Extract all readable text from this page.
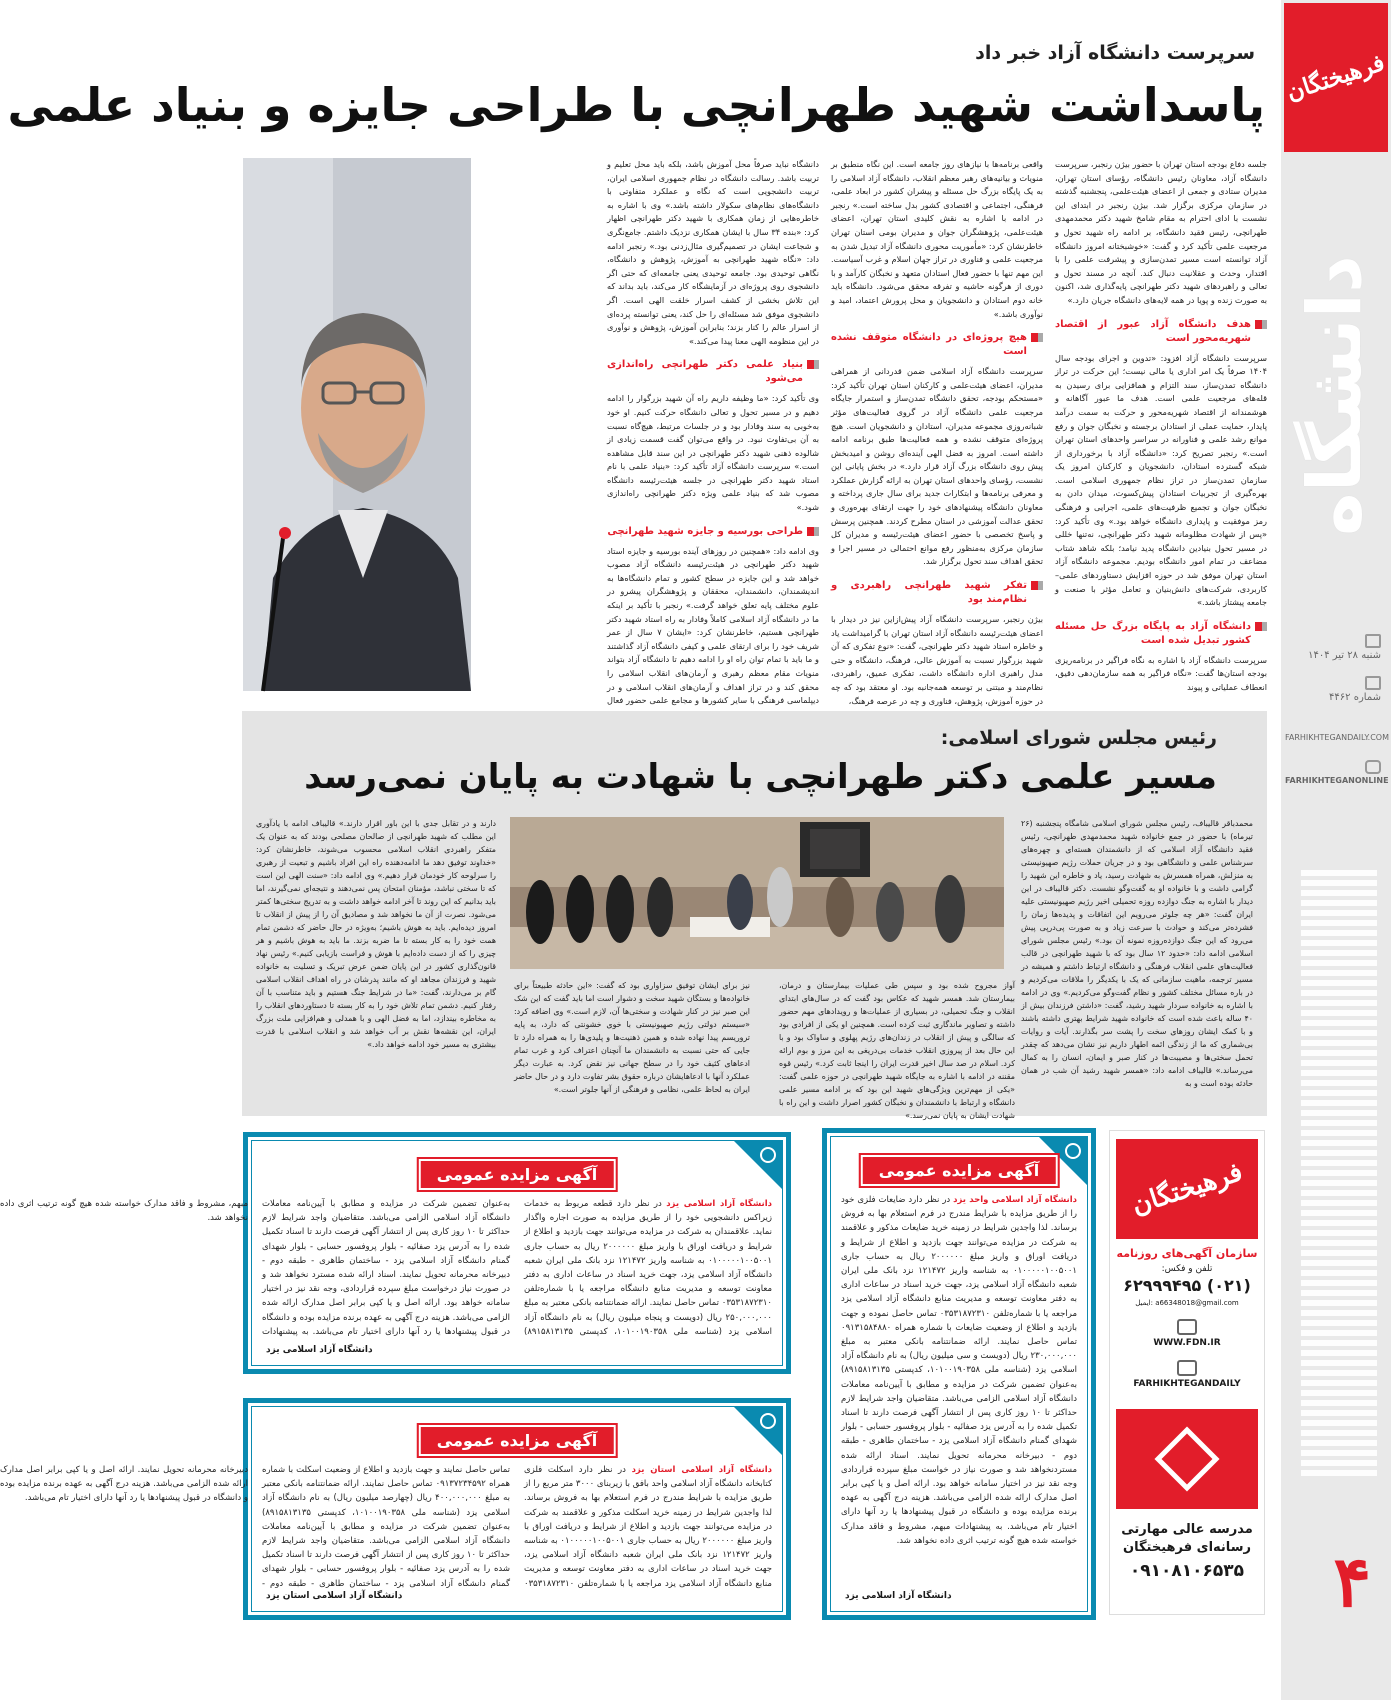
فرهیختگان
دانشگاه
شنبه ۲۸ تیر ۱۴۰۴
شماره ۴۴۶۲
FARHIKHTEGANDAILY.COM
FARHIKHTEGANONLINE
۴
سرپرست دانشگاه آزاد خبر داد
پاسداشت شهید طهرانچی با طراحی جایزه و بنیاد علمی

جلسه دفاع بودجه استان تهران با حضور بیژن رنجبر، سرپرست دانشگاه آزاد، معاونان رئیس دانشگاه، رؤسای استان تهران، مدیران ستادی و جمعی از اعضای هیئت‌علمی، پنجشنبه گذشته در سازمان مرکزی برگزار شد. بیژن رنجبر در ابتدای این نشست با ادای احترام به مقام شامخ شهید دکتر محمدمهدی طهرانچی، رئیس فقید دانشگاه، بر ادامه راه شهید تحول و مرجعیت علمی تأکید کرد و گفت: «خوشبختانه امروز دانشگاه آزاد توانسته است مسیر تمدن‌سازی و پیشرفت علمی را با اقتدار، وحدت و عقلانیت دنبال کند. آنچه در مسند تحول و تعالی و راهبردهای شهید دکتر طهرانچی پایه‌گذاری شد، اکنون به صورت زنده و پویا در همه لایه‌های دانشگاه جریان دارد.»

هدف دانشگاه آزاد عبور از اقتصاد شهریه‌محور است

سرپرست دانشگاه آزاد افزود: «تدوین و اجرای بودجه سال ۱۴۰۴ صرفاً یک امر اداری یا مالی نیست؛ این حرکت در تراز دانشگاه تمدن‌ساز، سند التزام و همافزایی برای رسیدن به قله‌های مرجعیت علمی است. هدف ما عبور آگاهانه و هوشمندانه از اقتصاد شهریه‌محور و حرکت به سمت درآمد پایدار، حمایت عملی از استادان برجسته و نخبگان جوان و رفع موانع رشد علمی و فناورانه در سراسر واحدهای استان تهران است.» رنجبر تصریح کرد: «دانشگاه آزاد با برخورداری از شبکه گسترده استادان، دانشجویان و کارکنان امروز یک سازمان تمدن‌ساز در تراز نظام جمهوری اسلامی است. بهره‌گیری از تجربیات استادان پیش‌کسوت، میدان دادن به نخبگان جوان و تجمیع ظرفیت‌های علمی، اجرایی و فرهنگی رمز موفقیت و پایداری دانشگاه خواهد بود.» وی تأکید کرد: «پس از شهادت مظلومانه شهید دکتر طهرانچی، نه‌تنها خللی در مسیر تحول بنیادین دانشگاه پدید نیامد؛ بلکه شاهد شتاب مضاعف در تمام امور دانشگاه بودیم. مجموعه دانشگاه آزاد استان تهران موفق شد در حوزه افزایش دستاوردهای علمی–کاربردی، شرکت‌های دانش‌بنیان و تعامل مؤثر با صنعت و جامعه پیشتاز باشد.»

دانشگاه آزاد به پایگاه بزرگ حل مسئله کشور تبدیل شده است

سرپرست دانشگاه آزاد با اشاره به نگاه فراگیر در برنامه‌ریزی بودجه استان‌ها گفت: «نگاه فراگیر به همه سازمان‌دهی دقیق، انعطاف عملیاتی و پیوند

واقعی برنامه‌ها با نیازهای روز جامعه است. این نگاه منطبق بر منویات و بیانیه‌های رهبر معظم انقلاب، دانشگاه آزاد اسلامی را به یک پایگاه بزرگ حل مسئله و پیشران کشور در ابعاد علمی، فرهنگی، اجتماعی و اقتصادی کشور بدل ساخته است.» رنجبر در ادامه با اشاره به نقش کلیدی استان تهران، اعضای هیئت‌علمی، پژوهشگران جوان و مدیران بومی استان تهران خاطرنشان کرد: «مأموریت محوری دانشگاه آزاد تبدیل شدن به مرجعیت علمی و فناوری در تراز جهان اسلام و غرب آسیاست. این مهم تنها با حضور فعال استادان متعهد و نخبگان کارآمد و با دوری از هرگونه حاشیه و تفرقه محقق می‌شود. دانشگاه باید خانه دوم استادان و دانشجویان و محل پرورش اعتماد، امید و نوآوری باشد.»

هیچ پروژه‌ای در دانشگاه متوقف نشده است

سرپرست دانشگاه آزاد اسلامی ضمن قدردانی از همراهی مدیران، اعضای هیئت‌علمی و کارکنان استان تهران تأکید کرد: «مستحکم بودجه، تحقق دانشگاه تمدن‌ساز و استمرار جایگاه مرجعیت علمی دانشگاه آزاد در گروی فعالیت‌های مؤثر شبانه‌روزی مجموعه مدیران، استادان و دانشجویان است. هیچ پروژه‌ای متوقف نشده و همه فعالیت‌ها طبق برنامه ادامه داشته است. امروز به فضل الهی آینده‌ای روشن و امیدبخش پیش روی دانشگاه بزرگ آزاد قرار دارد.» در بخش پایانی این نشست، رؤسای واحدهای استان تهران به ارائه گزارش عملکرد و معرفی برنامه‌ها و ابتکارات جدید برای سال جاری پرداخته و معاونان دانشگاه پیشنهادهای خود را جهت ارتقای بهره‌وری و تحقق عدالت آموزشی در استان مطرح کردند. همچنین پرسش و پاسخ تخصصی با حضور اعضای هیئت‌رئیسه و مدیران کل سازمان مرکزی به‌منظور رفع موانع احتمالی در مسیر اجرا و تحقق اهداف سند تحول برگزار شد.

تفکر شهید طهرانچی راهبردی و نظام‌مند بود

بیژن رنجبر، سرپرست دانشگاه آزاد پیش‌ازاین نیز در دیدار با اعضای هیئت‌رئیسه دانشگاه آزاد استان تهران با گرامیداشت یاد و خاطره استاد شهید دکتر طهرانچی، گفت: «نوع تفکری که آن شهید بزرگوار نسبت به آموزش عالی، فرهنگ، دانشگاه و حتی مدل راهبری اداره دانشگاه داشت، تفکری عمیق، راهبردی، نظام‌مند و مبتنی بر توسعه همه‌جانبه بود. او معتقد بود که چه در حوزه آموزش، پژوهش، فناوری و چه در عرصه فرهنگ،

دانشگاه نباید صرفاً محل آموزش باشد، بلکه باید محل تعلیم و تربیت باشد. رسالت دانشگاه در نظام جمهوری اسلامی ایران، تربیت دانشجویی است که نگاه و عملکرد متفاوتی با دانشگاه‌های نظام‌های سکولار داشته باشد.» وی با اشاره به خاطره‌هایی از زمان همکاری با شهید دکتر طهرانچی اظهار کرد: «بنده ۳۴ سال با ایشان همکاری نزدیک داشتم. جامع‌نگری و شجاعت ایشان در تصمیم‌گیری مثال‌زدنی بود.» رنجبر ادامه داد: «نگاه شهید طهرانچی به آموزش، پژوهش و دانشگاه، نگاهی توحیدی بود. جامعه توحیدی یعنی جامعه‌ای که حتی اگر دانشجوی روی پروژه‌ای در آزمایشگاه کار می‌کند، باید بداند که این تلاش بخشی از کشف اسرار خلقت الهی است. اگر دانشجوی موفق شد مسئله‌ای را حل کند، یعنی توانسته پرده‌ای از اسرار عالم را کنار بزند؛ بنابراین آموزش، پژوهش و نوآوری در این منظومه الهی معنا پیدا می‌کند.»

بنیاد علمی دکتر طهرانچی راه‌اندازی می‌شود

وی تأکید کرد: «ما وظیفه داریم راه آن شهید بزرگوار را ادامه دهیم و در مسیر تحول و تعالی دانشگاه حرکت کنیم. او خود به‌خوبی به سند وفادار بود و در جلسات مرتبط، هیچ‌گاه نسبت به آن بی‌تفاوت نبود. در واقع می‌توان گفت قسمت زیادی از شالوده ذهنی شهید دکتر طهرانچی در این سند قابل مشاهده است.» سرپرست دانشگاه آزاد تأکید کرد: «بنیاد علمی با نام استاد شهید دکتر طهرانچی در جلسه هیئت‌رئیسه دانشگاه مصوب شد که بنیاد علمی ویژه دکتر طهرانچی راه‌اندازی شود.»

طراحی بورسیه و جایزه شهید طهرانچی

وی ادامه داد: «همچنین در روزهای آینده بورسیه و جایزه استاد شهید دکتر طهرانچی در هیئت‌رئیسه دانشگاه آزاد مصوب خواهد شد و این جایزه در سطح کشور و تمام دانشگاه‌ها به اندیشمندان، دانشمندان، محققان و پژوهشگران پیشرو در علوم مختلف پایه تعلق خواهد گرفت.» رنجبر با تأکید بر اینکه ما در دانشگاه آزاد اسلامی کاملاً وفادار به راه استاد شهید دکتر طهرانچی هستیم، خاطرنشان کرد: «ایشان ۷ سال از عمر شریف خود را برای ارتقای علمی و کیفی دانشگاه آزاد گذاشتند و ما باید با تمام توان راه او را ادامه دهیم تا دانشگاه آزاد بتواند منویات مقام معظم رهبری و آرمان‌های انقلاب اسلامی را محقق کند و در تراز اهداف و آرمان‌های انقلاب اسلامی و در دیپلماسی فرهنگی با سایر کشورها و مجامع علمی حضور فعال

رئیس مجلس شورای اسلامی:
مسیر علمی دکتر طهرانچی با شهادت به پایان نمی‌رسد
محمدباقر قالیباف، رئیس مجلس شورای اسلامی شامگاه پنجشنبه (۲۶ تیرماه) با حضور در جمع خانواده شهید محمدمهدی طهرانچی، رئیس فقید دانشگاه آزاد اسلامی که از دانشمندان هسته‌ای و چهره‌های سرشناس علمی و دانشگاهی بود و در جریان حملات رژیم صهیونیستی به منزلش، همراه همسرش به شهادت رسید، یاد و خاطره این شهید را گرامی داشت و با خانواده او به گفت‌وگو نشست. دکتر قالیباف در این دیدار با اشاره به جنگ دوازده روزه تحمیلی اخیر رژیم صهیونیستی علیه ایران گفت: «هر چه جلوتر می‌رویم این اتفاقات و پدیده‌ها زمان را فشرده‌تر می‌کند و حوادث با سرعت زیاد و به صورت پی‌درپی پیش می‌رود که این جنگ دوازده‌روزه نمونه آن بود.» رئیس مجلس شورای اسلامی ادامه داد: «حدود ۱۲ سال بود که با شهید طهرانچی در قالب فعالیت‌های علمی انقلاب فرهنگی و دانشگاه ارتباط داشتم و همیشه در مسیر ترجمه، ماهیت سازمانی که یک با یکدیگر را ملاقات می‌کردیم و در باره مسائل مختلف کشور و نظام گفت‌وگو می‌کردیم.» وی در ادامه با اشاره به خانواده سردار شهید رشید، گفت: «داشتن فرزندان بیش از ۴۰ ساله باعث شده است که خانواده شهید شرایط بهتری داشته باشند و با کمک ایشان روزهای سخت را پشت سر بگذارند. آیات و روایات بی‌شماری که ما از زندگی ائمه اطهار داریم نیز نشان می‌دهد که چقدر تحمل سختی‌ها و مصیبت‌ها در کنار صبر و ایمان، انسان را به کمال می‌رساند.» قالیباف ادامه داد: «همسر شهید رشید آن شب در همان حادثه بوده است و به
دارند و در تقابل جدی با این باور اقرار دارند.» قالیباف ادامه با یادآوری این مطلب که شهید طهرانچی از صالحان مصلحی بودند که به عنوان یک متفکر راهبردی انقلاب اسلامی محسوب می‌شوند، خاطرنشان کرد: «خداوند توفیق دهد ما ادامه‌دهنده راه این افراد باشیم و تبعیت از رهبری را سرلوحه کار خودمان قرار دهیم.» وی ادامه داد: «سنت الهی این است که تا سختی نباشد، مؤمنان امتحان پس نمی‌دهند و نتیجه‌ای نمی‌گیرند، اما باید بدانیم که این روند تا آخر ادامه خواهد داشت و به تدریج سختی‌ها کمتر می‌شود. نصرت از آن ما نخواهد شد و مصادیق آن را از پیش از انقلاب تا امروز دیده‌ایم. باید به هوش باشیم؛ به‌ویژه در حال حاضر که دشمن تمام همت خود را به کار بسته تا ما ضربه بزند. ما باید به هوش باشیم و هر چیزی را که از دست داده‌ایم با هوش و فراست بازیابی کنیم.» رئیس نهاد قانون‌گذاری کشور در این پایان ضمن عرض تبریک و تسلیت به خانواده شهید و فرزندان مجاهد او که مانند پدرشان در راه اهداف انقلاب اسلامی گام بر می‌دارند، گفت: «ما در شرایط جنگ هستیم و باید متناسب با آن رفتار کنیم. دشمن تمام تلاش خود را به کار بسته تا دستاوردهای انقلاب را به مخاطره بیندازد، اما به فضل الهی و با همدلی و هم‌افزایی ملت بزرگ ایران، این نقشه‌ها نقش بر آب خواهد شد و انقلاب اسلامی با قدرت بیشتری به مسیر خود ادامه خواهد داد.»
آواز مجروح شده بود و سپس طی عملیات بیمارستان و درمان، بیمارستان شد. همسر شهید که عکاس بود گفت که در سال‌های ابتدای انقلاب و جنگ تحمیلی، در بسیاری از عملیات‌ها و رویدادهای مهم حضور داشته و تصاویر ماندگاری ثبت کرده است. همچنین او یکی از افرادی بود که سالگی و پیش از انقلاب در زندان‌های رژیم پهلوی و ساواک بود و با این حال بعد از پیروزی انقلاب خدمات بی‌دریغی به این مرز و بوم ارائه کرد. اسلام در صد سال اخیر قدرت ایران را اینجا ثابت کرد.» رئیس قوه مقننه در ادامه با اشاره به جایگاه شهید طهرانچی در حوزه علمی گفت: «یکی از مهم‌ترین ویژگی‌های شهید این بود که بر ادامه مسیر علمی دانشگاه و ارتباط با دانشمندان و نخبگان کشور اصرار داشت و این راه با شهادت ایشان به پایان نمی‌رسد.»
نیز برای ایشان توفیق سزاواری بود که گفت: «این حادثه طبیعتاً برای خانواده‌ها و بستگان شهید سخت و دشوار است اما باید گفت که این شک این صبر نیز در کنار شهادت و سختی‌ها آن، لازم است.» وی اضافه کرد: «سیستم دولتی رژیم صهیونیستی با خوی خشونتی که دارد، به پایه تروریسم پیدا نهاده شده و همین ذهنیت‌ها و پلیدی‌ها را به همراه دارد تا جایی که حتی نسبت به دانشمندان ما آنچنان اعتراف کرد و غرب تمام ادعاهای کثیف خود را در سطح جهانی نیز نقض کرد. به عبارت دیگر عملکرد آنها با ادعاهایشان درباره حقوق بشر تفاوت دارد و در حال حاضر ایران به لحاظ علمی، نظامی و فرهنگی از آنها جلوتر است.»
آگهی مزایده عمومی
دانشگاه آزاد اسلامی واحد یزد در نظر دارد ضایعات فلزی خود را از طریق مزایده با شرایط مندرج در فرم استعلام بها به فروش برساند. لذا واجدین شرایط در زمینه خرید ضایعات مذکور و علاقمند به شرکت در مزایده می‌توانند جهت بازدید و اطلاع از شرایط و دریافت اوراق و واریز مبلغ ۲۰۰۰۰۰۰ ریال به حساب جاری ۰۱۰۰۰۰۰۱۰۰۵۰۰۱ به شناسه واریز ۱۲۱۴۷۲ نزد بانک ملی ایران شعبه دانشگاه آزاد اسلامی یزد، جهت خرید اسناد در ساعات اداری به دفتر معاونت توسعه و مدیریت منابع دانشگاه آزاد اسلامی یزد مراجعه یا با شماره‌تلفن ۰۳۵۳۱۸۷۲۳۱۰ تماس حاصل نموده و جهت بازدید و اطلاع از وضعیت ضایعات با شماره همراه ۰۹۱۳۱۵۸۴۸۸۰ تماس حاصل نمایند. ارائه ضمانتنامه بانکی معتبر به مبلغ ۲۳۰,۰۰۰,۰۰۰ ریال (دویست و سی میلیون ریال) به نام دانشگاه آزاد اسلامی یزد (شناسه ملی ۱۰۱۰۰۱۹۰۳۵۸، کدپستی ۸۹۱۵۸۱۳۱۳۵) به‌عنوان تضمین شرکت در مزایده و مطابق با آیین‌نامه معاملات دانشگاه آزاد اسلامی الزامی می‌باشد. متقاضیان واجد شرایط لازم حداکثر تا ۱۰ روز کاری پس از انتشار آگهی فرصت دارند تا اسناد تکمیل شده را به آدرس یزد صفائیه - بلوار پروفسور حسابی - بلوار شهدای گمنام دانشگاه آزاد اسلامی یزد - ساختمان طاهری - طبقه دوم - دبیرخانه محرمانه تحویل نمایند. اسناد ارائه شده مستردنخواهد شد و صورت نیاز در خواست مبلغ سپرده قراردادی وجه نقد نیز در اختیار سامانه خواهد بود. ارائه اصل و یا کپی برابر اصل مدارک ارائه شده الزامی می‌باشد. هزینه درج آگهی به عهده برنده مزایده بوده و دانشگاه در قبول پیشنهادها یا رد آنها دارای اختیار تام می‌باشد. به پیشنهادات مبهم، مشروط و فاقد مدارک خواسته شده هیچ گونه ترتیب اثری داده نخواهد شد.
دانشگاه آزاد اسلامی یزد
آگهی مزایده عمومی
دانشگاه آزاد اسلامی یزد در نظر دارد قطعه مربوط به خدمات زیراکس دانشجویی خود را از طریق مزایده به صورت اجاره واگذار نماید. علاقمندان به شرکت در مزایده می‌توانند جهت بازدید و اطلاع از شرایط و دریافت اوراق با واریز مبلغ ۲۰۰۰۰۰۰ ریال به حساب جاری ۰۱۰۰۰۰۰۱۰۰۵۰۰۱ به شناسه واریز ۱۲۱۴۷۲ نزد بانک ملی ایران شعبه دانشگاه آزاد اسلامی یزد، جهت خرید اسناد در ساعات اداری به دفتر معاونت توسعه و مدیریت منابع دانشگاه مراجعه یا با شماره‌تلفن ۰۳۵۳۱۸۷۲۳۱۰ تماس حاصل نمایند. ارائه ضمانتنامه بانکی معتبر به مبلغ ۲۵۰,۰۰۰,۰۰۰ ریال (دویست و پنجاه میلیون ریال) به نام دانشگاه آزاد اسلامی یزد (شناسه ملی ۱۰۱۰۰۱۹۰۳۵۸، کدپستی ۸۹۱۵۸۱۳۱۳۵) به‌عنوان تضمین شرکت در مزایده و مطابق با آیین‌نامه معاملات دانشگاه آزاد اسلامی الزامی می‌باشد. متقاضیان واجد شرایط لازم حداکثر تا ۱۰ روز کاری پس از انتشار آگهی فرصت دارند تا اسناد تکمیل شده را به آدرس یزد صفائیه - بلوار پروفسور حسابی - بلوار شهدای گمنام دانشگاه آزاد اسلامی یزد - ساختمان طاهری - طبقه دوم - دبیرخانه محرمانه تحویل نمایند. اسناد ارائه شده مسترد نخواهد شد و در صورت نیاز درخواست مبلغ سپرده قراردادی، وجه نقد نیز در اختیار سامانه خواهد بود. ارائه اصل و یا کپی برابر اصل مدارک ارائه شده الزامی می‌باشد. هزینه درج آگهی به عهده برنده مزایده بوده و دانشگاه در قبول پیشنهادها یا رد آنها دارای اختیار تام می‌باشد. به پیشنهادات مبهم، مشروط و فاقد مدارک خواسته شده هیچ گونه ترتیب اثری داده نخواهد شد.
دانشگاه آزاد اسلامی یزد
آگهی مزایده عمومی
دانشگاه آزاد اسلامی استان یزد در نظر دارد اسکلت فلزی کتابخانه دانشگاه آزاد اسلامی واحد بافق با زیربنای ۳۰۰۰ متر مربع را از طریق مزایده با شرایط مندرج در فرم استعلام بها به فروش برساند. لذا واجدین شرایط در زمینه خرید اسکلت مذکور و علاقمند به شرکت در مزایده می‌توانند جهت بازدید و اطلاع از شرایط و دریافت اوراق با واریز مبلغ ۲۰۰۰۰۰۰ ریال به حساب جاری ۰۱۰۰۰۰۰۱۰۰۵۰۰۱ به شناسه واریز ۱۲۱۴۷۲ نزد بانک ملی ایران شعبه دانشگاه آزاد اسلامی یزد، جهت خرید اسناد در ساعات اداری به دفتر معاونت توسعه و مدیریت منابع دانشگاه آزاد اسلامی یزد مراجعه یا با شماره‌تلفن ۰۳۵۳۱۸۷۲۳۱۰ تماس حاصل نمایند و جهت بازدید و اطلاع از وضعیت اسکلت با شماره همراه ۰۹۱۳۷۲۳۴۵۹۲ تماس حاصل نمایند. ارائه ضمانتنامه بانکی معتبر به مبلغ ۴۰۰,۰۰۰,۰۰۰ ریال (چهارصد میلیون ریال) به نام دانشگاه آزاد اسلامی یزد (شناسه ملی ۱۰۱۰۰۱۹۰۳۵۸، کدپستی ۸۹۱۵۸۱۳۱۳۵) به‌عنوان تضمین شرکت در مزایده و مطابق با آیین‌نامه معاملات دانشگاه آزاد اسلامی الزامی می‌باشد. متقاضیان واجد شرایط لازم حداکثر تا ۱۰ روز کاری پس از انتشار آگهی فرصت دارند تا اسناد تکمیل شده را به آدرس یزد صفائیه - بلوار پروفسور حسابی - بلوار شهدای گمنام دانشگاه آزاد اسلامی یزد - ساختمان طاهری - طبقه دوم - دبیرخانه محرمانه تحویل نمایند. ارائه اصل و یا کپی برابر اصل مدارک ارائه شده الزامی می‌باشد. هزینه درج آگهی به عهده برنده مزایده بوده و دانشگاه در قبول پیشنهادها یا رد آنها دارای اختیار تام می‌باشد.
دانشگاه آزاد اسلامی استان یزد
فرهیختگان
سازمان آگهی‌های روزنامه
تلفن و فکس:
۶۲۹۹۹۴۹۵ (۰۲۱)
ایمیل: a66348018@gmail.com
WWW.FDN.IR
FARHIKHTEGANDAILY
مدرسه عالی مهارتی رسانه‌ای فرهیختگان
۰۹۱۰۸۱۰۶۵۳۵
